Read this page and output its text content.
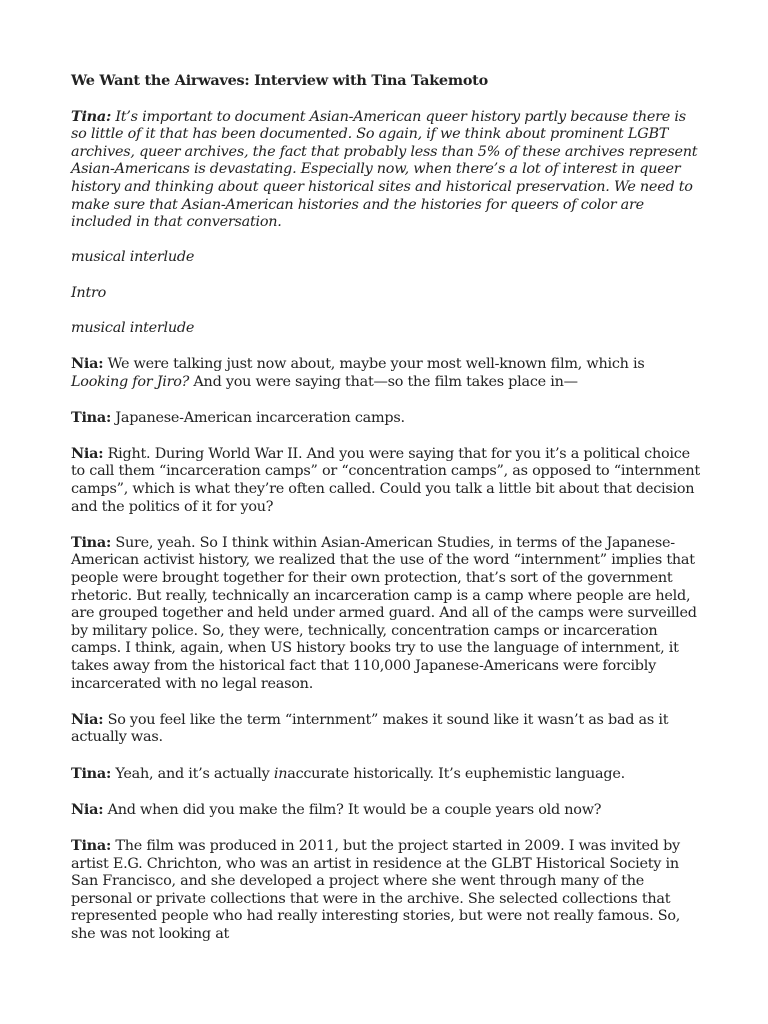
We Want the Airwaves: Interview with Tina Takemoto

Tina: It’s important to document Asian-American queer history partly because there is so little of it that has been documented. So again, if we think about prominent LGBT archives, queer archives, the fact that probably less than 5% of these archives represent Asian-Americans is devastating. Especially now, when there’s a lot of interest in queer history and thinking about queer historical sites and historical preservation. We need to make sure that Asian-American histories and the histories for queers of color are included in that conversation.

musical interlude

Intro

musical interlude

Nia: We were talking just now about, maybe your most well-known film, which is Looking for Jiro? And you were saying that—so the film takes place in—

Tina: Japanese-American incarceration camps.

Nia: Right. During World War II. And you were saying that for you it’s a political choice to call them “incarceration camps” or “concentration camps”, as opposed to “internment camps”, which is what they’re often called. Could you talk a little bit about that decision and the politics of it for you?

Tina: Sure, yeah. So I think within Asian-American Studies, in terms of the Japanese-American activist history, we realized that the use of the word “internment” implies that people were brought together for their own protection, that’s sort of the government rhetoric. But really, technically an incarceration camp is a camp where people are held, are grouped together and held under armed guard. And all of the camps were surveilled by military police. So, they were, technically, concentration camps or incarceration camps. I think, again, when US history books try to use the language of internment, it takes away from the historical fact that 110,000 Japanese-Americans were forcibly incarcerated with no legal reason.

Nia: So you feel like the term “internment” makes it sound like it wasn’t as bad as it actually was.

Tina: Yeah, and it’s actually inaccurate historically. It’s euphemistic language.

Nia: And when did you make the film? It would be a couple years old now?

Tina: The film was produced in 2011, but the project started in 2009. I was invited by artist E.G. Chrichton, who was an artist in residence at the GLBT Historical Society in San Francisco, and she developed a project where she went through many of the personal or private collections that were in the archive. She selected collections that represented people who had really interesting stories, but were not really famous. So, she was not looking at
